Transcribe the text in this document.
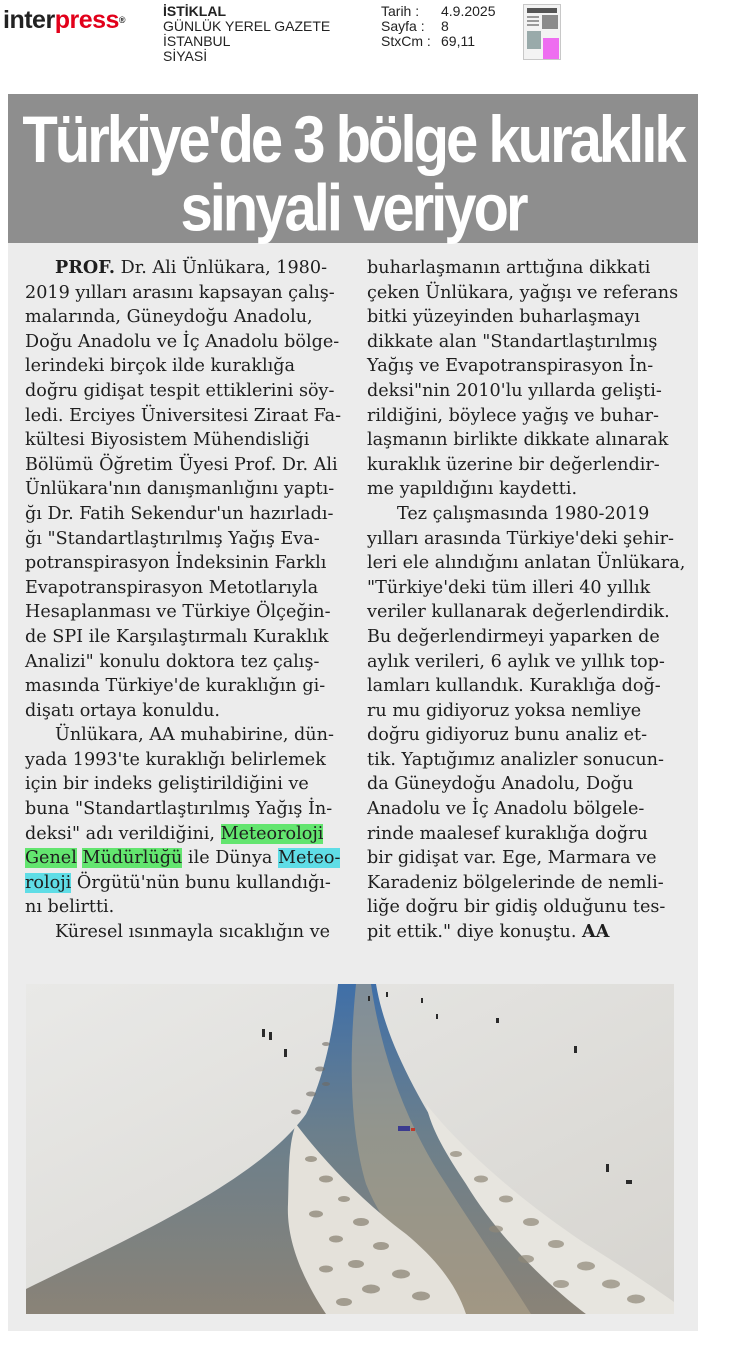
interpress®
İSTİKLAL
GÜNLÜK YEREL GAZETE
İSTANBUL
SİYASİ
Tarih : 4.9.2025
Sayfa : 8
StxCm : 69,11
Türkiye'de 3 bölge kuraklık
sinyali veriyor
PROF. Dr. Ali Ünlükara, 1980-
2019 yılları arasını kapsayan çalış-
malarında, Güneydoğu Anadolu,
Doğu Anadolu ve İç Anadolu bölge-
lerindeki birçok ilde kuraklığa
doğru gidişat tespit ettiklerini söy-
ledi. Erciyes Üniversitesi Ziraat Fa-
kültesi Biyosistem Mühendisliği
Bölümü Öğretim Üyesi Prof. Dr. Ali
Ünlükara'nın danışmanlığını yaptı-
ğı Dr. Fatih Sekendur'un hazırladı-
ğı "Standartlaştırılmış Yağış Eva-
potranspirasyon İndeksinin Farklı
Evapotranspirasyon Metotlarıyla
Hesaplanması ve Türkiye Ölçeğin-
de SPI ile Karşılaştırmalı Kuraklık
Analizi" konulu doktora tez çalış-
masında Türkiye'de kuraklığın gi-
dişatı ortaya konuldu.
Ünlükara, AA muhabirine, dün-
yada 1993'te kuraklığı belirlemek
için bir indeks geliştirildiğini ve
buna "Standartlaştırılmış Yağış İn-
deksi" adı verildiğini, Meteoroloji
Genel Müdürlüğü ile Dünya Meteo-
roloji Örgütü'nün bunu kullandığı-
nı belirtti.
Küresel ısınmayla sıcaklığın ve
buharlaşmanın arttığına dikkati
çeken Ünlükara, yağışı ve referans
bitki yüzeyinden buharlaşmayı
dikkate alan "Standartlaştırılmış
Yağış ve Evapotranspirasyon İn-
deksi"nin 2010'lu yıllarda gelişti-
rildiğini, böylece yağış ve buhar-
laşmanın birlikte dikkate alınarak
kuraklık üzerine bir değerlendir-
me yapıldığını kaydetti.
Tez çalışmasında 1980-2019
yılları arasında Türkiye'deki şehir-
leri ele alındığını anlatan Ünlükara,
"Türkiye'deki tüm illeri 40 yıllık
veriler kullanarak değerlendirdik.
Bu değerlendirmeyi yaparken de
aylık verileri, 6 aylık ve yıllık top-
lamları kullandık. Kuraklığa doğ-
ru mu gidiyoruz yoksa nemliye
doğru gidiyoruz bunu analiz et-
tik. Yaptığımız analizler sonucun-
da Güneydoğu Anadolu, Doğu
Anadolu ve İç Anadolu bölgele-
rinde maalesef kuraklığa doğru
bir gidişat var. Ege, Marmara ve
Karadeniz bölgelerinde de nemli-
liğe doğru bir gidiş olduğunu tes-
pit ettik." diye konuştu. AA
